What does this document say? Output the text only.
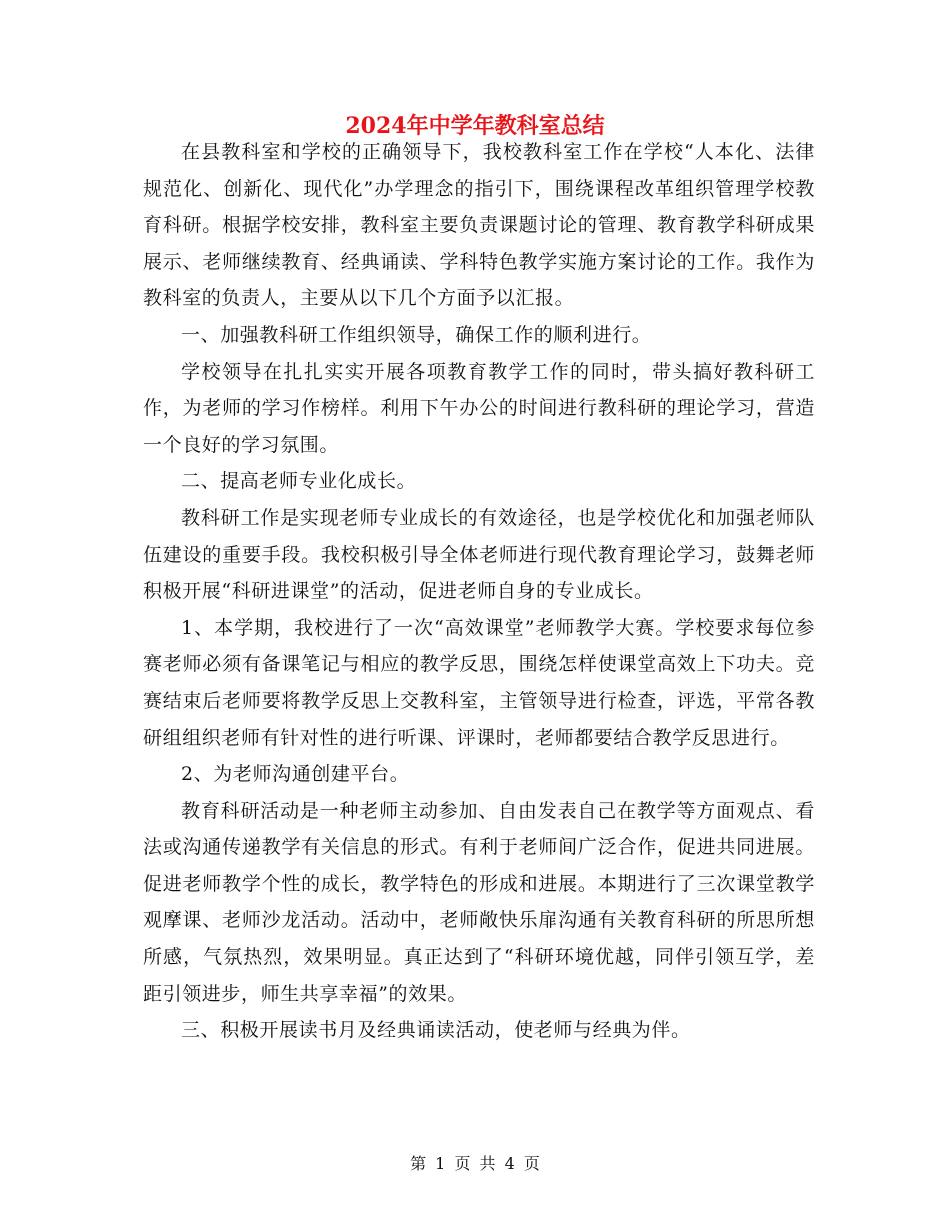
2024年中学年教科室总结

在县教科室和学校的正确领导下，我校教科室工作在学校“人本化、法律规范化、创新化、现代化”办学理念的指引下，围绕课程改革组织管理学校教育科研。根据学校安排，教科室主要负责课题讨论的管理、教育教学科研成果展示、老师继续教育、经典诵读、学科特色教学实施方案讨论的工作。我作为教科室的负责人，主要从以下几个方面予以汇报。

一、加强教科研工作组织领导，确保工作的顺利进行。

学校领导在扎扎实实开展各项教育教学工作的同时，带头搞好教科研工作，为老师的学习作榜样。利用下午办公的时间进行教科研的理论学习，营造一个良好的学习氛围。

二、提高老师专业化成长。

教科研工作是实现老师专业成长的有效途径，也是学校优化和加强老师队伍建设的重要手段。我校积极引导全体老师进行现代教育理论学习，鼓舞老师积极开展“科研进课堂”的活动，促进老师自身的专业成长。

1、本学期，我校进行了一次“高效课堂”老师教学大赛。学校要求每位参赛老师必须有备课笔记与相应的教学反思，围绕怎样使课堂高效上下功夫。竞赛结束后老师要将教学反思上交教科室，主管领导进行检查，评选，平常各教研组组织老师有针对性的进行听课、评课时，老师都要结合教学反思进行。

2、为老师沟通创建平台。

教育科研活动是一种老师主动参加、自由发表自己在教学等方面观点、看法或沟通传递教学有关信息的形式。有利于老师间广泛合作，促进共同进展。促进老师教学个性的成长，教学特色的形成和进展。本期进行了三次课堂教学观摩课、老师沙龙活动。活动中，老师敞快乐扉沟通有关教育科研的所思所想所感，气氛热烈，效果明显。真正达到了“科研环境优越，同伴引领互学，差距引领进步，师生共享幸福”的效果。

三、积极开展读书月及经典诵读活动，使老师与经典为伴。

第 1 页 共 4 页
